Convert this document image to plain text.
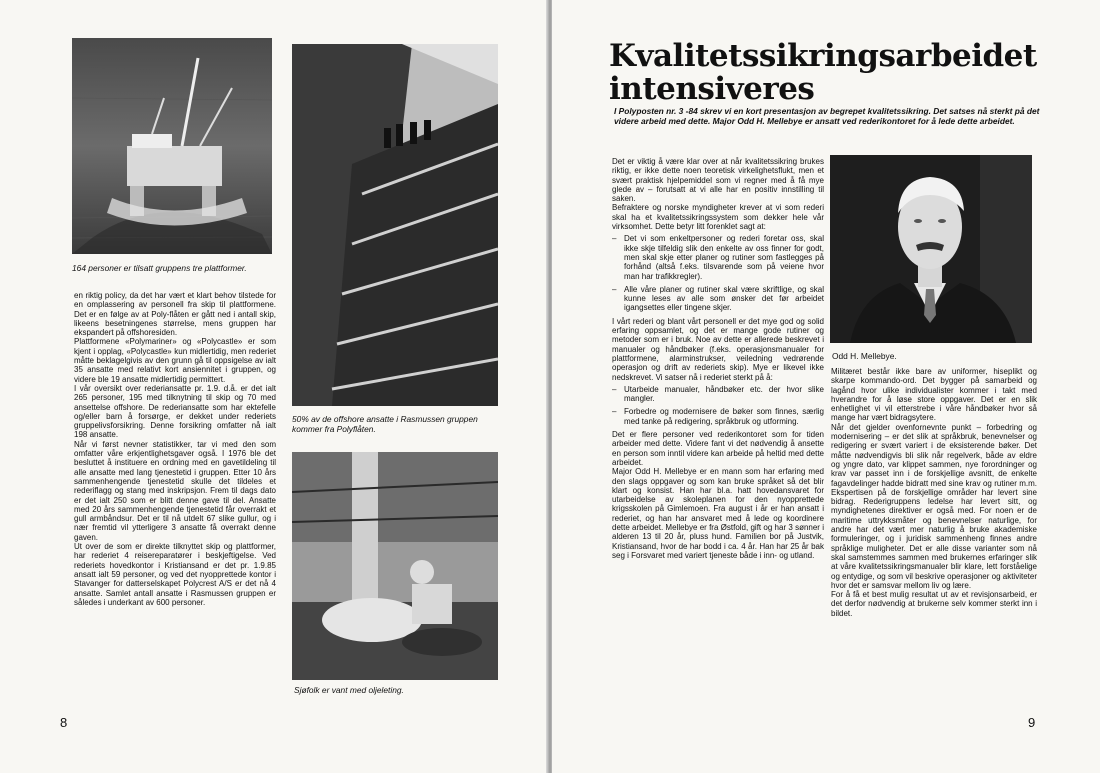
164 personer er tilsatt gruppens tre plattformer.

50% av de offshore ansatte i Rasmussen gruppen kommer fra Polyflåten.

Sjøfolk er vant med oljeleting.

en riktig policy, da det har vært et klart behov tilstede for en omplassering av personell fra skip til plattformene. Det er en følge av at Poly-flåten er gått ned i antall skip, likeens besetningenes størrelse, mens gruppen har ekspandert på offshoresiden.

Plattformene «Polymariner» og «Polycastle» er som kjent i opplag, «Polycastle» kun midlertidig, men rederiet måtte beklagelgivis av den grunn gå til oppsigelse av ialt 35 ansatte med relativt kort ansiennitet i gruppen, og videre ble 19 ansatte midlertidig permittert.

I vår oversikt over rederiansatte pr. 1.9. d.å. er det ialt 265 personer, 195 med tilknytning til skip og 70 med ansettelse offshore. De rederiansatte som har ektefelle og/eller barn å forsørge, er dekket under rederiets gruppelivsforsikring. Denne forsikring omfatter nå ialt 198 ansatte.

Når vi først nevner statistikker, tar vi med den som omfatter våre erkjentlighetsgaver også. I 1976 ble det besluttet å instituere en ordning med en gavetildeling til alle ansatte med lang tjenestetid i gruppen. Etter 10 års sammenhengende tjenestetid skulle det tildeles et rederiflagg og stang med inskripsjon. Frem til dags dato er det ialt 250 som er blitt denne gave til del. Ansatte med 20 års sammenhengende tjenestetid får overrakt et gull armbåndsur. Det er til nå utdelt 67 slike gullur, og i nær fremtid vil ytterligere 3 ansatte få overrakt denne gaven.

Ut over de som er direkte tilknyttet skip og plattformer, har rederiet 4 reisereparatører i beskjeftigelse. Ved rederiets hovedkontor i Kristiansand er det pr. 1.9.85 ansatt ialt 59 personer, og ved det nyopprettede kontor i Stavanger for datterselskapet Polycrest A/S er det nå 4 ansatte. Samlet antall ansatte i Rasmussen gruppen er således i underkant av 600 personer.

8
Kvalitetssikringsarbeidet intensiveres

I Polyposten nr. 3 -84 skrev vi en kort presentasjon av begrepet kvalitetssikring. Det satses nå sterkt på det videre arbeid med dette. Major Odd H. Mellebye er ansatt ved rederikontoret for å lede dette arbeidet.

Det er viktig å være klar over at når kvalitetssikring brukes riktig, er ikke dette noen teoretisk virkelighetsflukt, men et svært praktisk hjelpemiddel som vi regner med å få mye glede av – forutsatt at vi alle har en positiv innstilling til saken.

Befraktere og norske myndigheter krever at vi som rederi skal ha et kvalitetssikringssystem som dekker hele vår virksomhet. Dette betyr litt forenklet sagt at:

– Det vi som enkeltpersoner og rederi foretar oss, skal ikke skje tilfeldig slik den enkelte av oss finner for godt, men skal skje etter planer og rutiner som fastlegges på forhånd (altså f.eks. tilsvarende som på veiene hvor man har trafikkregler).
– Alle våre planer og rutiner skal være skriftlige, og skal kunne leses av alle som ønsker det før arbeidet igangsettes eller tingene skjer.

I vårt rederi og blant vårt personell er det mye god og solid erfaring oppsamlet, og det er mange gode rutiner og metoder som er i bruk. Noe av dette er allerede beskrevet i manualer og håndbøker (f.eks. operasjonsmanualer for plattformene, alarminstrukser, veiledning vedrørende operasjon og drift av rederiets skip). Mye er likevel ikke nedskrevet. Vi satser nå i rederiet sterkt på å:

– Utarbeide manualer, håndbøker etc. der hvor slike mangler.
– Forbedre og modernisere de bøker som finnes, særlig med tanke på redigering, språkbruk og utforming.

Det er flere personer ved rederikontoret som for tiden arbeider med dette. Videre fant vi det nødvendig å ansette en person som inntil videre kan arbeide på heltid med dette arbeidet.

Major Odd H. Mellebye er en mann som har erfaring med den slags oppgaver og som kan bruke språket så det blir klart og konsist. Han har bl.a. hatt hovedansvaret for utarbeidelse av skoleplanen for den nyopprettede krigsskolen på Gimlemoen. Fra august i år er han ansatt i rederiet, og han har ansvaret med å lede og koordinere dette arbeidet. Mellebye er fra Østfold, gift og har 3 sønner i alderen 13 til 20 år, pluss hund. Familien bor på Justvik, Kristiansand, hvor de har bodd i ca. 4 år. Han har 25 år bak seg i Forsvaret med variert tjeneste både i inn- og utland.

Odd H. Mellebye.

Militæret består ikke bare av uniformer, hiseplikt og skarpe kommando-ord. Det bygger på samarbeid og lagånd hvor ulike individualister kommer i takt med hverandre for å løse store oppgaver. Det er en slik enhetlighet vi vil etterstrebe i våre håndbøker hvor så mange har vært bidragsytere.

Når det gjelder ovenfornevnte punkt – forbedring og modernisering – er det slik at språkbruk, benevnelser og redigering er svært variert i de eksisterende bøker. Det måtte nødvendigvis bli slik når regelverk, både av eldre og yngre dato, var klippet sammen, nye forordninger og krav var passet inn i de forskjellige avsnitt, de enkelte fagavdelinger hadde bidratt med sine krav og rutiner m.m. Ekspertisen på de forskjellige områder har levert sine bidrag. Rederigruppens ledelse har levert sitt, og myndighetenes direktiver er også med. For noen er de maritime uttrykksmåter og benevnelser naturlige, for andre har det vært mer naturlig å bruke akademiske formuleringer, og i juridisk sammenheng finnes andre språklige muligheter. Det er alle disse varianter som nå skal samstemmes sammen med brukernes erfaringer slik at våre kvalitetssikringsmanualer blir klare, lett forståelige og entydige, og som vil beskrive operasjoner og aktiviteter hvor det er samsvar mellom liv og lære.

For å få et best mulig resultat ut av et revisjonsarbeid, er det derfor nødvendig at brukerne selv kommer sterkt inn i bildet.

9
